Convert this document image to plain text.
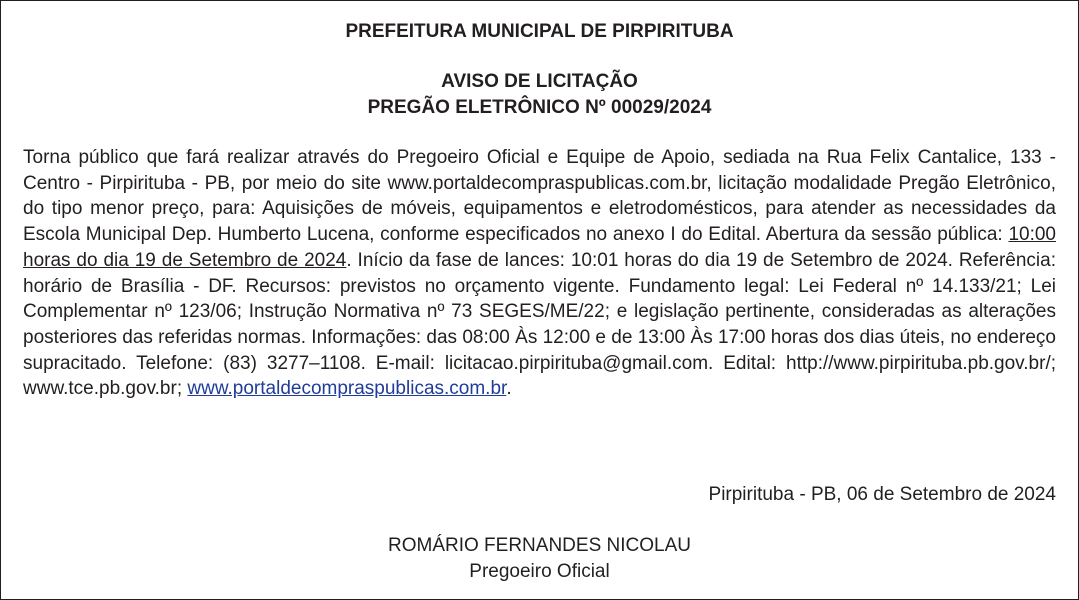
PREFEITURA MUNICIPAL DE PIRPIRITUBA
AVISO DE LICITAÇÃO
PREGÃO ELETRÔNICO Nº 00029/2024
Torna público que fará realizar através do Pregoeiro Oficial e Equipe de Apoio, sediada na Rua Felix Cantalice, 133 - Centro - Pirpirituba - PB, por meio do site www.portaldecompraspublicas.com.br, licitação modalidade Pregão Eletrônico, do tipo menor preço, para: Aquisições de móveis, equipamentos e eletrodomésticos, para atender as necessidades da Escola Municipal Dep. Humberto Lucena, conforme especificados no anexo I do Edital. Abertura da sessão pública: 10:00 horas do dia 19 de Setembro de 2024. Início da fase de lances: 10:01 horas do dia 19 de Setembro de 2024. Referência: horário de Brasília - DF. Recursos: previstos no orçamento vigente. Fundamento legal: Lei Federal nº 14.133/21; Lei Complementar nº 123/06; Instrução Normativa nº 73 SEGES/ME/22; e legislação pertinente, consideradas as alterações posteriores das referidas normas. Informações: das 08:00 Às 12:00 e de 13:00 Às 17:00 horas dos dias úteis, no endereço supracitado. Telefone: (83) 3277–1108. E-mail: licitacao.pirpirituba@gmail.com. Edital: http://www.pirpirituba.pb.gov.br/; www.tce.pb.gov.br; www.portaldecompraspublicas.com.br.
Pirpirituba - PB, 06 de Setembro de 2024
ROMÁRIO FERNANDES NICOLAU
Pregoeiro Oficial
